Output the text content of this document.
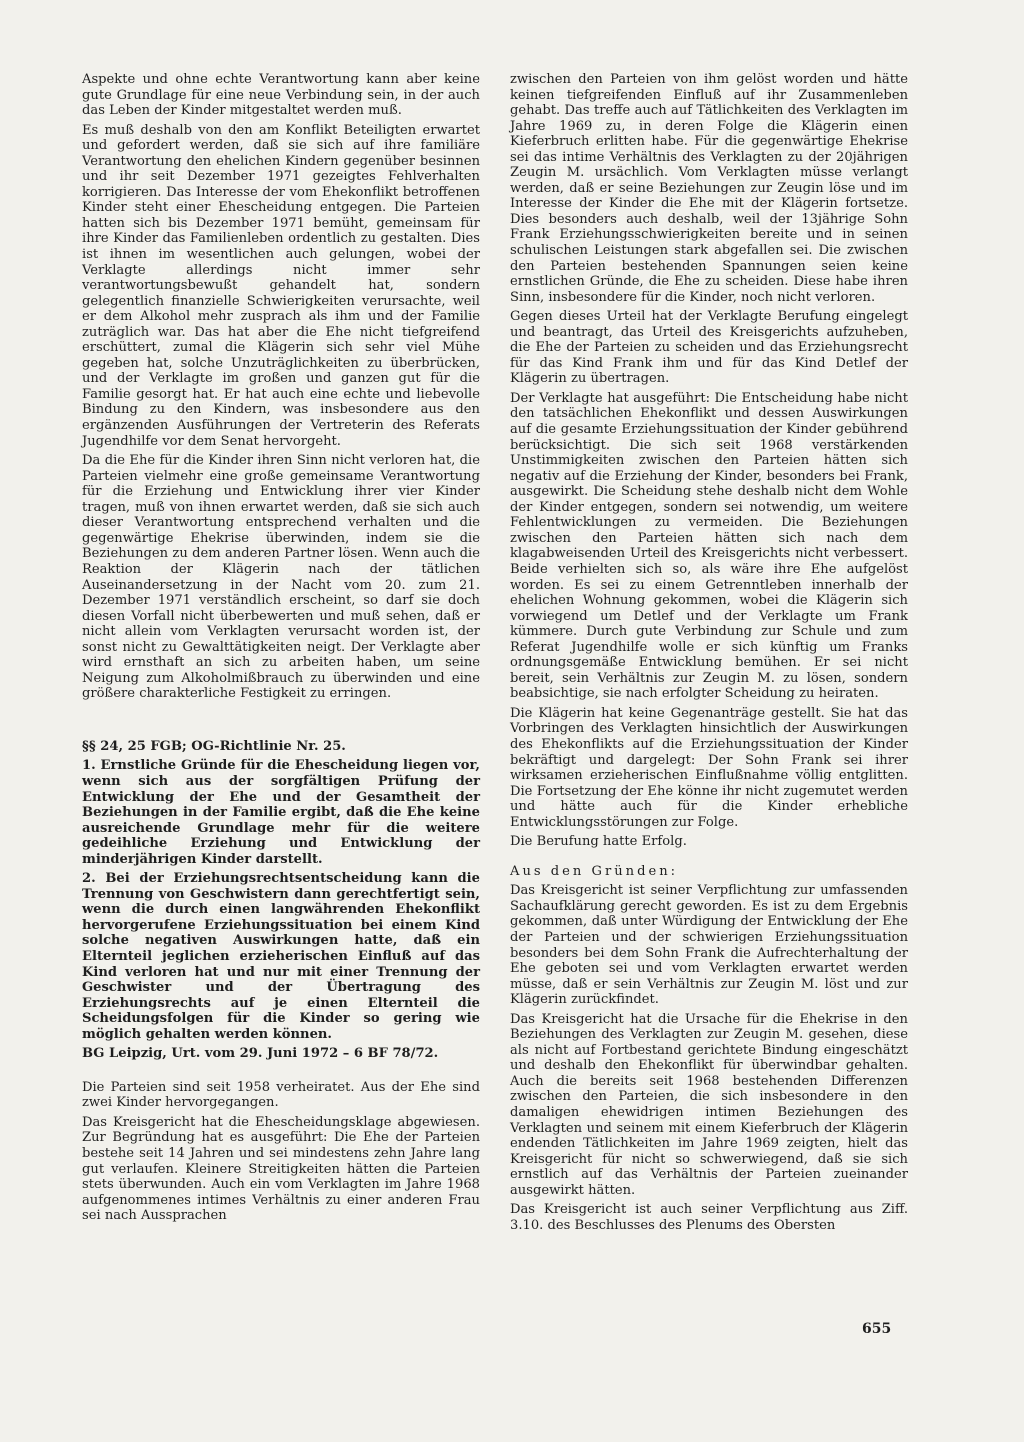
Aspekte und ohne echte Verantwortung kann aber keine gute Grundlage für eine neue Verbindung sein, in der auch das Leben der Kinder mitgestaltet werden muß.

Es muß deshalb von den am Konflikt Beteiligten erwartet und gefordert werden, daß sie sich auf ihre familiäre Verantwortung den ehelichen Kindern gegenüber besinnen und ihr seit Dezember 1971 gezeigtes Fehlverhalten korrigieren. Das Interesse der vom Ehekonflikt betroffenen Kinder steht einer Ehescheidung entgegen. Die Parteien hatten sich bis Dezember 1971 bemüht, gemeinsam für ihre Kinder das Familienleben ordentlich zu gestalten. Dies ist ihnen im wesentlichen auch gelungen, wobei der Verklagte allerdings nicht immer sehr verantwortungsbewußt gehandelt hat, sondern gelegentlich finanzielle Schwierigkeiten verursachte, weil er dem Alkohol mehr zusprach als ihm und der Familie zuträglich war. Das hat aber die Ehe nicht tiefgreifend erschüttert, zumal die Klägerin sich sehr viel Mühe gegeben hat, solche Unzuträglichkeiten zu überbrücken, und der Verklagte im großen und ganzen gut für die Familie gesorgt hat. Er hat auch eine echte und liebevolle Bindung zu den Kindern, was insbesondere aus den ergänzenden Ausführungen der Vertreterin des Referats Jugendhilfe vor dem Senat hervorgeht.

Da die Ehe für die Kinder ihren Sinn nicht verloren hat, die Parteien vielmehr eine große gemeinsame Verantwortung für die Erziehung und Entwicklung ihrer vier Kinder tragen, muß von ihnen erwartet werden, daß sie sich auch dieser Verantwortung entsprechend verhalten und die gegenwärtige Ehekrise überwinden, indem sie die Beziehungen zu dem anderen Partner lösen. Wenn auch die Reaktion der Klägerin nach der tätlichen Auseinandersetzung in der Nacht vom 20. zum 21. Dezember 1971 verständlich erscheint, so darf sie doch diesen Vorfall nicht überbewerten und muß sehen, daß er nicht allein vom Verklagten verursacht worden ist, der sonst nicht zu Gewalttätigkeiten neigt. Der Verklagte aber wird ernsthaft an sich zu arbeiten haben, um seine Neigung zum Alkoholmißbrauch zu überwinden und eine größere charakterliche Festigkeit zu erringen.

§§ 24, 25 FGB; OG-Richtlinie Nr. 25.

1. Ernstliche Gründe für die Ehescheidung liegen vor, wenn sich aus der sorgfältigen Prüfung der Entwicklung der Ehe und der Gesamtheit der Beziehungen in der Familie ergibt, daß die Ehe keine ausreichende Grundlage mehr für die weitere gedeihliche Erziehung und Entwicklung der minderjährigen Kinder darstellt.

2. Bei der Erziehungsrechtsentscheidung kann die Trennung von Geschwistern dann gerechtfertigt sein, wenn die durch einen langwährenden Ehekonflikt hervorgerufene Erziehungssituation bei einem Kind solche negativen Auswirkungen hatte, daß ein Elternteil jeglichen erzieherischen Einfluß auf das Kind verloren hat und nur mit einer Trennung der Geschwister und der Übertragung des Erziehungsrechts auf je einen Elternteil die Scheidungsfolgen für die Kinder so gering wie möglich gehalten werden können.

BG Leipzig, Urt. vom 29. Juni 1972 – 6 BF 78/72.

Die Parteien sind seit 1958 verheiratet. Aus der Ehe sind zwei Kinder hervorgegangen.

Das Kreisgericht hat die Ehescheidungsklage abgewiesen. Zur Begründung hat es ausgeführt: Die Ehe der Parteien bestehe seit 14 Jahren und sei mindestens zehn Jahre lang gut verlaufen. Kleinere Streitigkeiten hätten die Parteien stets überwunden. Auch ein vom Verklagten im Jahre 1968 aufgenommenes intimes Verhältnis zu einer anderen Frau sei nach Aussprachen

zwischen den Parteien von ihm gelöst worden und hätte keinen tiefgreifenden Einfluß auf ihr Zusammenleben gehabt. Das treffe auch auf Tätlichkeiten des Verklagten im Jahre 1969 zu, in deren Folge die Klägerin einen Kieferbruch erlitten habe. Für die gegenwärtige Ehekrise sei das intime Verhältnis des Verklagten zu der 20jährigen Zeugin M. ursächlich. Vom Verklagten müsse verlangt werden, daß er seine Beziehungen zur Zeugin löse und im Interesse der Kinder die Ehe mit der Klägerin fortsetze. Dies besonders auch deshalb, weil der 13jährige Sohn Frank Erziehungsschwierigkeiten bereite und in seinen schulischen Leistungen stark abgefallen sei. Die zwischen den Parteien bestehenden Spannungen seien keine ernstlichen Gründe, die Ehe zu scheiden. Diese habe ihren Sinn, insbesondere für die Kinder, noch nicht verloren.

Gegen dieses Urteil hat der Verklagte Berufung eingelegt und beantragt, das Urteil des Kreisgerichts aufzuheben, die Ehe der Parteien zu scheiden und das Erziehungsrecht für das Kind Frank ihm und für das Kind Detlef der Klägerin zu übertragen.

Der Verklagte hat ausgeführt: Die Entscheidung habe nicht den tatsächlichen Ehekonflikt und dessen Auswirkungen auf die gesamte Erziehungssituation der Kinder gebührend berücksichtigt. Die sich seit 1968 verstärkenden Unstimmigkeiten zwischen den Parteien hätten sich negativ auf die Erziehung der Kinder, besonders bei Frank, ausgewirkt. Die Scheidung stehe deshalb nicht dem Wohle der Kinder entgegen, sondern sei notwendig, um weitere Fehlentwicklungen zu vermeiden. Die Beziehungen zwischen den Parteien hätten sich nach dem klagabweisenden Urteil des Kreisgerichts nicht verbessert. Beide verhielten sich so, als wäre ihre Ehe aufgelöst worden. Es sei zu einem Getrenntleben innerhalb der ehelichen Wohnung gekommen, wobei die Klägerin sich vorwiegend um Detlef und der Verklagte um Frank kümmere. Durch gute Verbindung zur Schule und zum Referat Jugendhilfe wolle er sich künftig um Franks ordnungsgemäße Entwicklung bemühen. Er sei nicht bereit, sein Verhältnis zur Zeugin M. zu lösen, sondern beabsichtige, sie nach erfolgter Scheidung zu heiraten.

Die Klägerin hat keine Gegenanträge gestellt. Sie hat das Vorbringen des Verklagten hinsichtlich der Auswirkungen des Ehekonflikts auf die Erziehungssituation der Kinder bekräftigt und dargelegt: Der Sohn Frank sei ihrer wirksamen erzieherischen Einflußnahme völlig entglitten. Die Fortsetzung der Ehe könne ihr nicht zugemutet werden und hätte auch für die Kinder erhebliche Entwicklungsstörungen zur Folge.

Die Berufung hatte Erfolg.

Aus den Gründen:

Das Kreisgericht ist seiner Verpflichtung zur umfassenden Sachaufklärung gerecht geworden. Es ist zu dem Ergebnis gekommen, daß unter Würdigung der Entwicklung der Ehe der Parteien und der schwierigen Erziehungssituation besonders bei dem Sohn Frank die Aufrechterhaltung der Ehe geboten sei und vom Verklagten erwartet werden müsse, daß er sein Verhältnis zur Zeugin M. löst und zur Klägerin zurückfindet.

Das Kreisgericht hat die Ursache für die Ehekrise in den Beziehungen des Verklagten zur Zeugin M. gesehen, diese als nicht auf Fortbestand gerichtete Bindung eingeschätzt und deshalb den Ehekonflikt für überwindbar gehalten. Auch die bereits seit 1968 bestehenden Differenzen zwischen den Parteien, die sich insbesondere in den damaligen ehewidrigen intimen Beziehungen des Verklagten und seinem mit einem Kieferbruch der Klägerin endenden Tätlichkeiten im Jahre 1969 zeigten, hielt das Kreisgericht für nicht so schwerwiegend, daß sie sich ernstlich auf das Verhältnis der Parteien zueinander ausgewirkt hätten.

Das Kreisgericht ist auch seiner Verpflichtung aus Ziff. 3.10. des Beschlusses des Plenums des Obersten

655
